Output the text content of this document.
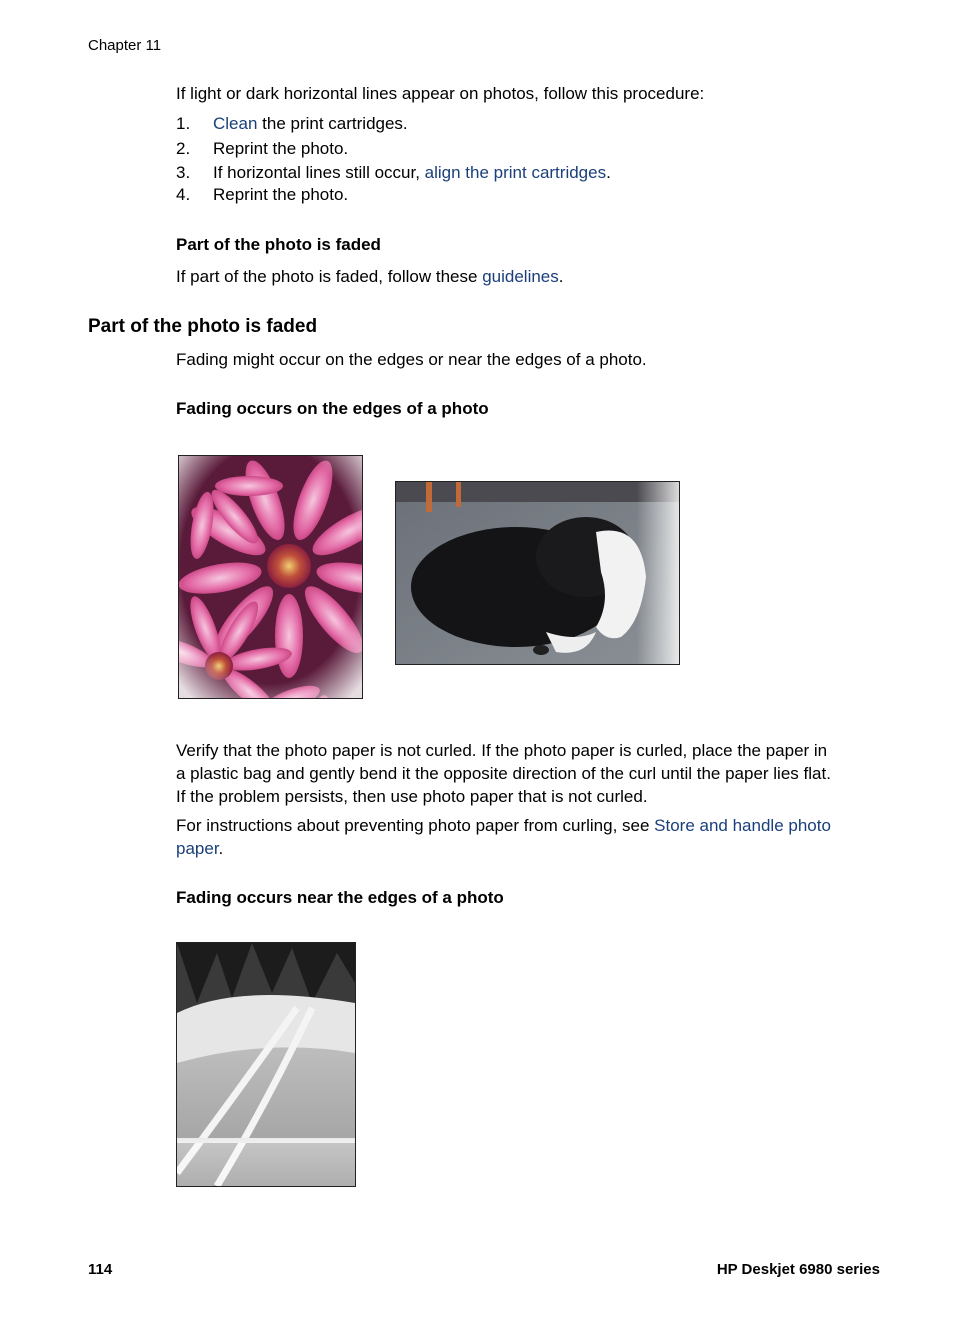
Chapter 11
If light or dark horizontal lines appear on photos, follow this procedure:
1.	Clean the print cartridges.
2.	Reprint the photo.
3.	If horizontal lines still occur, align the print cartridges.
4.	Reprint the photo.
Part of the photo is faded
If part of the photo is faded, follow these guidelines.
Part of the photo is faded
Fading might occur on the edges or near the edges of a photo.
Fading occurs on the edges of a photo
Verify that the photo paper is not curled. If the photo paper is curled, place the paper in
a plastic bag and gently bend it the opposite direction of the curl until the paper lies flat.
If the problem persists, then use photo paper that is not curled.
For instructions about preventing photo paper from curling, see Store and handle photo
paper.
Fading occurs near the edges of a photo
114	HP Deskjet 6980 series
